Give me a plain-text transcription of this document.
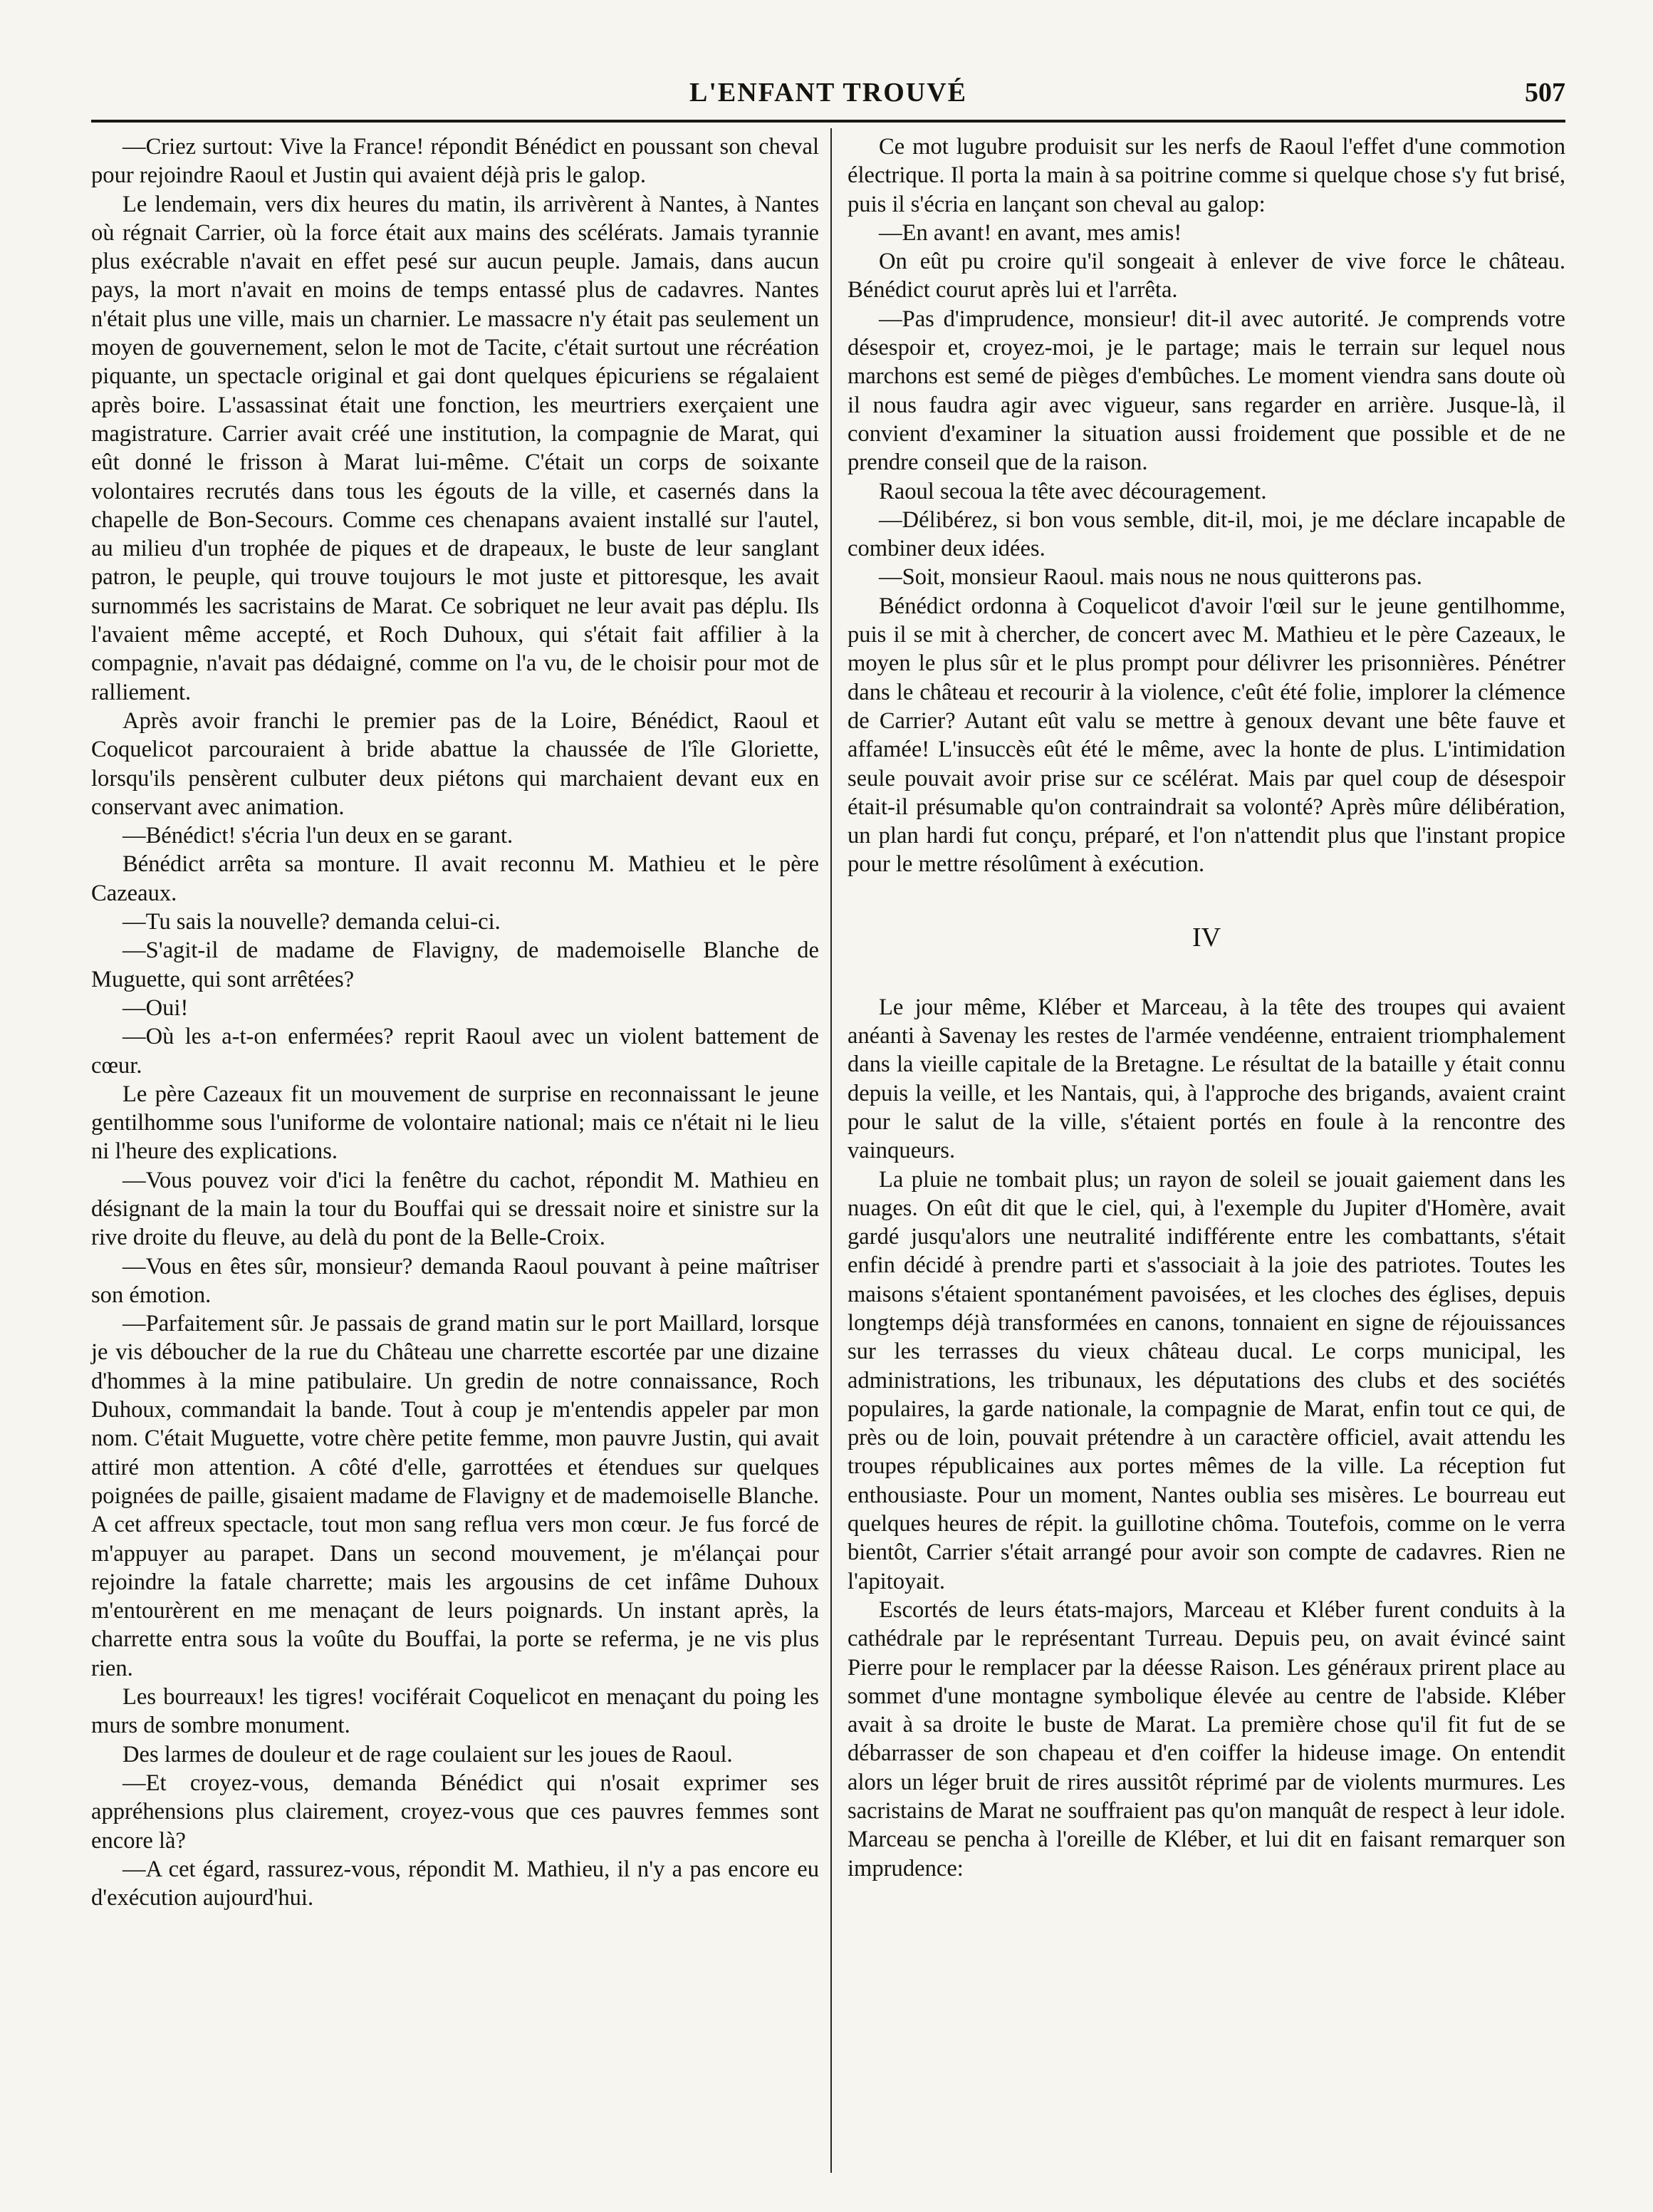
L'ENFANT TROUVÉ	507

—Criez surtout: Vive la France! répondit Bénédict en poussant son cheval pour rejoindre Raoul et Justin qui avaient déjà pris le galop.

Le lendemain, vers dix heures du matin, ils arrivèrent à Nantes, à Nantes où régnait Carrier, où la force était aux mains des scélérats. Jamais tyrannie plus exécrable n'avait en effet pesé sur aucun peuple. Jamais, dans aucun pays, la mort n'avait en moins de temps entassé plus de cadavres. Nantes n'était plus une ville, mais un charnier. Le massacre n'y était pas seulement un moyen de gouvernement, selon le mot de Tacite, c'était surtout une récréation piquante, un spectacle original et gai dont quelques épicuriens se régalaient après boire. L'assassinat était une fonction, les meurtriers exerçaient une magistrature. Carrier avait créé une institution, la compagnie de Marat, qui eût donné le frisson à Marat lui-même. C'était un corps de soixante volontaires recrutés dans tous les égouts de la ville, et casernés dans la chapelle de Bon-Secours. Comme ces chenapans avaient installé sur l'autel, au milieu d'un trophée de piques et de drapeaux, le buste de leur sanglant patron, le peuple, qui trouve toujours le mot juste et pittoresque, les avait surnommés les sacristains de Marat. Ce sobriquet ne leur avait pas déplu. Ils l'avaient même accepté, et Roch Duhoux, qui s'était fait affilier à la compagnie, n'avait pas dédaigné, comme on l'a vu, de le choisir pour mot de ralliement.

Après avoir franchi le premier pas de la Loire, Bénédict, Raoul et Coquelicot parcouraient à bride abattue la chaussée de l'île Gloriette, lorsqu'ils pensèrent culbuter deux piétons qui marchaient devant eux en conservant avec animation.

—Bénédict! s'écria l'un deux en se garant.

Bénédict arrêta sa monture. Il avait reconnu M. Mathieu et le père Cazeaux.

—Tu sais la nouvelle? demanda celui-ci.

—S'agit-il de madame de Flavigny, de mademoiselle Blanche de Muguette, qui sont arrêtées?

—Oui!

—Où les a-t-on enfermées? reprit Raoul avec un violent battement de cœur.

Le père Cazeaux fit un mouvement de surprise en reconnaissant le jeune gentilhomme sous l'uniforme de volontaire national; mais ce n'était ni le lieu ni l'heure des explications.

—Vous pouvez voir d'ici la fenêtre du cachot, répondit M. Mathieu en désignant de la main la tour du Bouffai qui se dressait noire et sinistre sur la rive droite du fleuve, au delà du pont de la Belle-Croix.

—Vous en êtes sûr, monsieur? demanda Raoul pouvant à peine maîtriser son émotion.

—Parfaitement sûr. Je passais de grand matin sur le port Maillard, lorsque je vis déboucher de la rue du Château une charrette escortée par une dizaine d'hommes à la mine patibulaire. Un gredin de notre connaissance, Roch Duhoux, commandait la bande. Tout à coup je m'entendis appeler par mon nom. C'était Muguette, votre chère petite femme, mon pauvre Justin, qui avait attiré mon attention. A côté d'elle, garrottées et étendues sur quelques poignées de paille, gisaient madame de Flavigny et de mademoiselle Blanche. A cet affreux spectacle, tout mon sang reflua vers mon cœur. Je fus forcé de m'appuyer au parapet. Dans un second mouvement, je m'élançai pour rejoindre la fatale charrette; mais les argousins de cet infâme Duhoux m'entourèrent en me menaçant de leurs poignards. Un instant après, la charrette entra sous la voûte du Bouffai, la porte se referma, je ne vis plus rien.

Les bourreaux! les tigres! vociférait Coquelicot en menaçant du poing les murs de sombre monument.

Des larmes de douleur et de rage coulaient sur les joues de Raoul.

—Et croyez-vous, demanda Bénédict qui n'osait exprimer ses appréhensions plus clairement, croyez-vous que ces pauvres femmes sont encore là?

—A cet égard, rassurez-vous, répondit M. Mathieu, il n'y a pas encore eu d'exécution aujourd'hui.

Ce mot lugubre produisit sur les nerfs de Raoul l'effet d'une commotion électrique. Il porta la main à sa poitrine comme si quelque chose s'y fut brisé, puis il s'écria en lançant son cheval au galop:

—En avant! en avant, mes amis!

On eût pu croire qu'il songeait à enlever de vive force le château. Bénédict courut après lui et l'arrêta.

—Pas d'imprudence, monsieur! dit-il avec autorité. Je comprends votre désespoir et, croyez-moi, je le partage; mais le terrain sur lequel nous marchons est semé de pièges d'embûches. Le moment viendra sans doute où il nous faudra agir avec vigueur, sans regarder en arrière. Jusque-là, il convient d'examiner la situation aussi froidement que possible et de ne prendre conseil que de la raison.

Raoul secoua la tête avec découragement.

—Délibérez, si bon vous semble, dit-il, moi, je me déclare incapable de combiner deux idées.

—Soit, monsieur Raoul. mais nous ne nous quitterons pas.

Bénédict ordonna à Coquelicot d'avoir l'œil sur le jeune gentilhomme, puis il se mit à chercher, de concert avec M. Mathieu et le père Cazeaux, le moyen le plus sûr et le plus prompt pour délivrer les prisonnières. Pénétrer dans le château et recourir à la violence, c'eût été folie, implorer la clémence de Carrier? Autant eût valu se mettre à genoux devant une bête fauve et affamée! L'insuccès eût été le même, avec la honte de plus. L'intimidation seule pouvait avoir prise sur ce scélérat. Mais par quel coup de désespoir était-il présumable qu'on contraindrait sa volonté? Après mûre délibération, un plan hardi fut conçu, préparé, et l'on n'attendit plus que l'instant propice pour le mettre résolûment à exécution.

IV

Le jour même, Kléber et Marceau, à la tête des troupes qui avaient anéanti à Savenay les restes de l'armée vendéenne, entraient triomphalement dans la vieille capitale de la Bretagne. Le résultat de la bataille y était connu depuis la veille, et les Nantais, qui, à l'approche des brigands, avaient craint pour le salut de la ville, s'étaient portés en foule à la rencontre des vainqueurs.

La pluie ne tombait plus; un rayon de soleil se jouait gaiement dans les nuages. On eût dit que le ciel, qui, à l'exemple du Jupiter d'Homère, avait gardé jusqu'alors une neutralité indifférente entre les combattants, s'était enfin décidé à prendre parti et s'associait à la joie des patriotes. Toutes les maisons s'étaient spontanément pavoisées, et les cloches des églises, depuis longtemps déjà transformées en canons, tonnaient en signe de réjouissances sur les terrasses du vieux château ducal. Le corps municipal, les administrations, les tribunaux, les députations des clubs et des sociétés populaires, la garde nationale, la compagnie de Marat, enfin tout ce qui, de près ou de loin, pouvait prétendre à un caractère officiel, avait attendu les troupes républicaines aux portes mêmes de la ville. La réception fut enthousiaste. Pour un moment, Nantes oublia ses misères. Le bourreau eut quelques heures de répit. la guillotine chôma. Toutefois, comme on le verra bientôt, Carrier s'était arrangé pour avoir son compte de cadavres. Rien ne l'apitoyait.

Escortés de leurs états-majors, Marceau et Kléber furent conduits à la cathédrale par le représentant Turreau. Depuis peu, on avait évincé saint Pierre pour le remplacer par la déesse Raison. Les généraux prirent place au sommet d'une montagne symbolique élevée au centre de l'abside. Kléber avait à sa droite le buste de Marat. La première chose qu'il fit fut de se débarrasser de son chapeau et d'en coiffer la hideuse image. On entendit alors un léger bruit de rires aussitôt réprimé par de violents murmures. Les sacristains de Marat ne souffraient pas qu'on manquât de respect à leur idole. Marceau se pencha à l'oreille de Kléber, et lui dit en faisant remarquer son imprudence:
